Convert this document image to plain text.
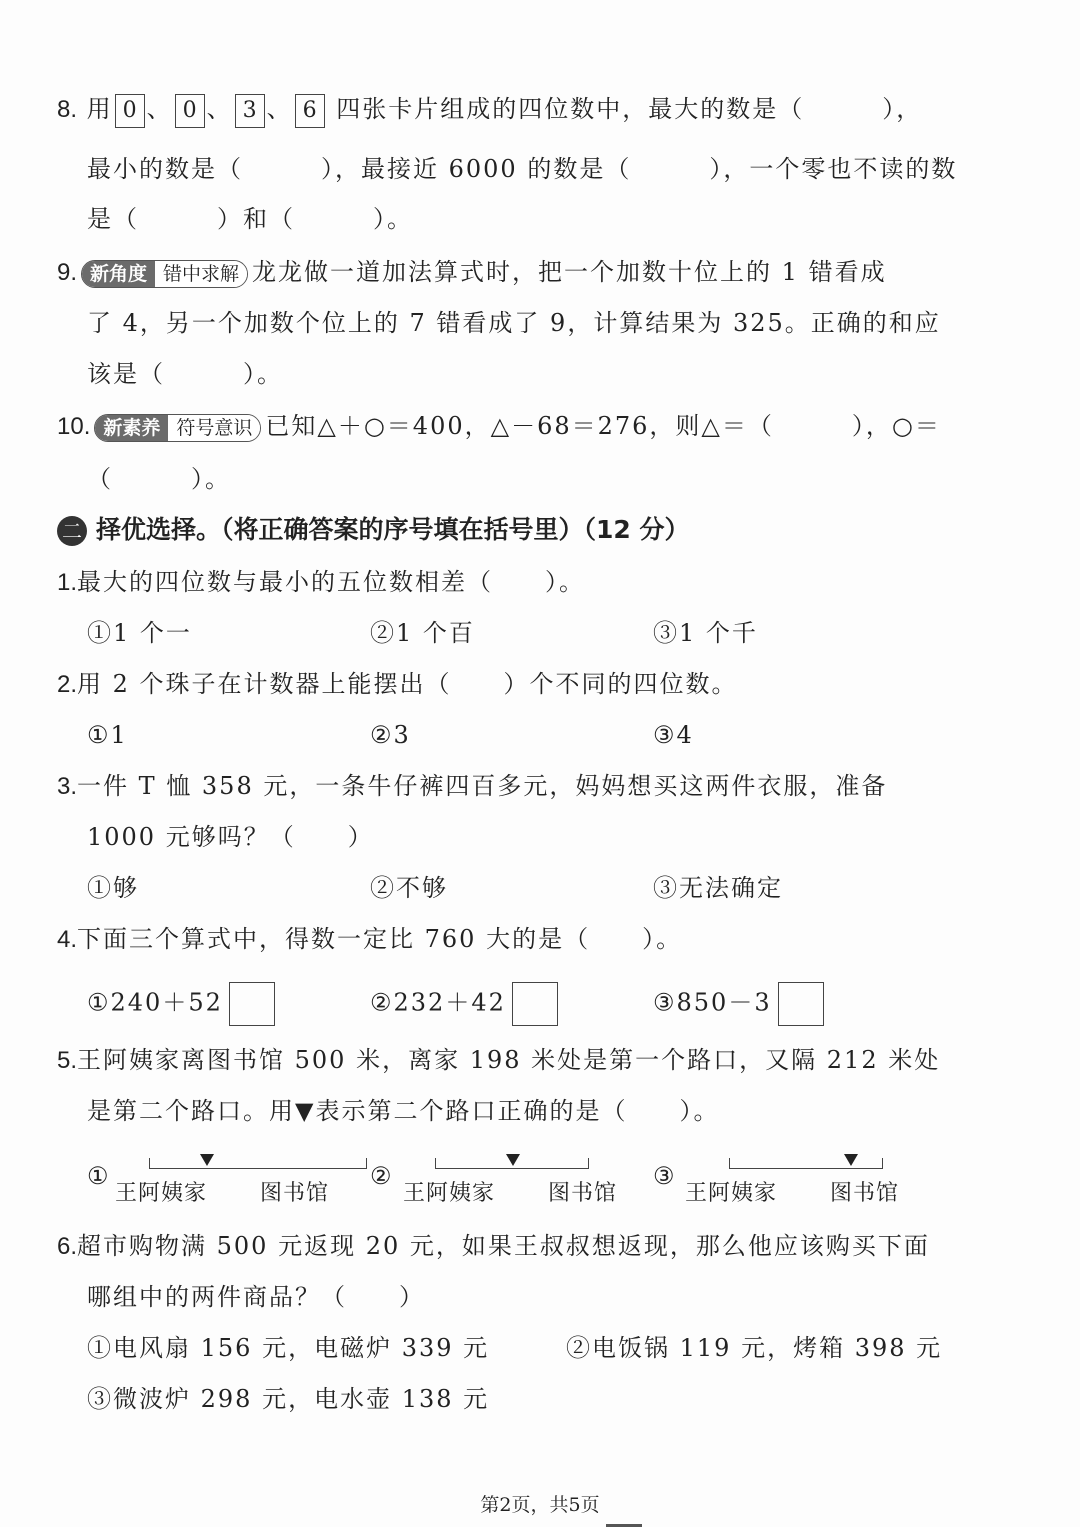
8. 用 0 、 0 、 3 、 6 四张卡片组成的四位数中，最大的数是（　　　），
最小的数是（　　　），最接近 6000 的数是（　　　），一个零也不读的数
是（　　　）和（　　　）。
9. 新角度 错中求解 龙龙做一道加法算式时，把一个加数十位上的 1 错看成
了 4，另一个加数个位上的 7 错看成了 9，计算结果为 325。正确的和应
该是（　　　）。
10. 新素养 符号意识 已知△＋○＝400，△－68＝276，则△＝（　　　），○＝
（　　　）。
二 择优选择。（将正确答案的序号填在括号里）（12 分）
1.最大的四位数与最小的五位数相差（　　）。
①1 个一	②1 个百	③1 个千
2.用 2 个珠子在计数器上能摆出（　　）个不同的四位数。
①1	②3	③4
3.一件 T 恤 358 元，一条牛仔裤四百多元，妈妈想买这两件衣服，准备
1000 元够吗？（　　）
①够	②不够	③无法确定
4.下面三个算式中，得数一定比 760 大的是（　　）。
①240＋52	②232＋42	③850－3
5.王阿姨家离图书馆 500 米，离家 198 米处是第一个路口，又隔 212 米处
是第二个路口。用▼表示第二个路口正确的是（　　）。
①
王阿姨家 图书馆
②
王阿姨家 图书馆
③
王阿姨家 图书馆
6.超市购物满 500 元返现 20 元，如果王叔叔想返现，那么他应该购买下面
哪组中的两件商品？（　　）
①电风扇 156 元，电磁炉 339 元	②电饭锅 119 元，烤箱 398 元
③微波炉 298 元，电水壶 138 元
第2页，共5页
